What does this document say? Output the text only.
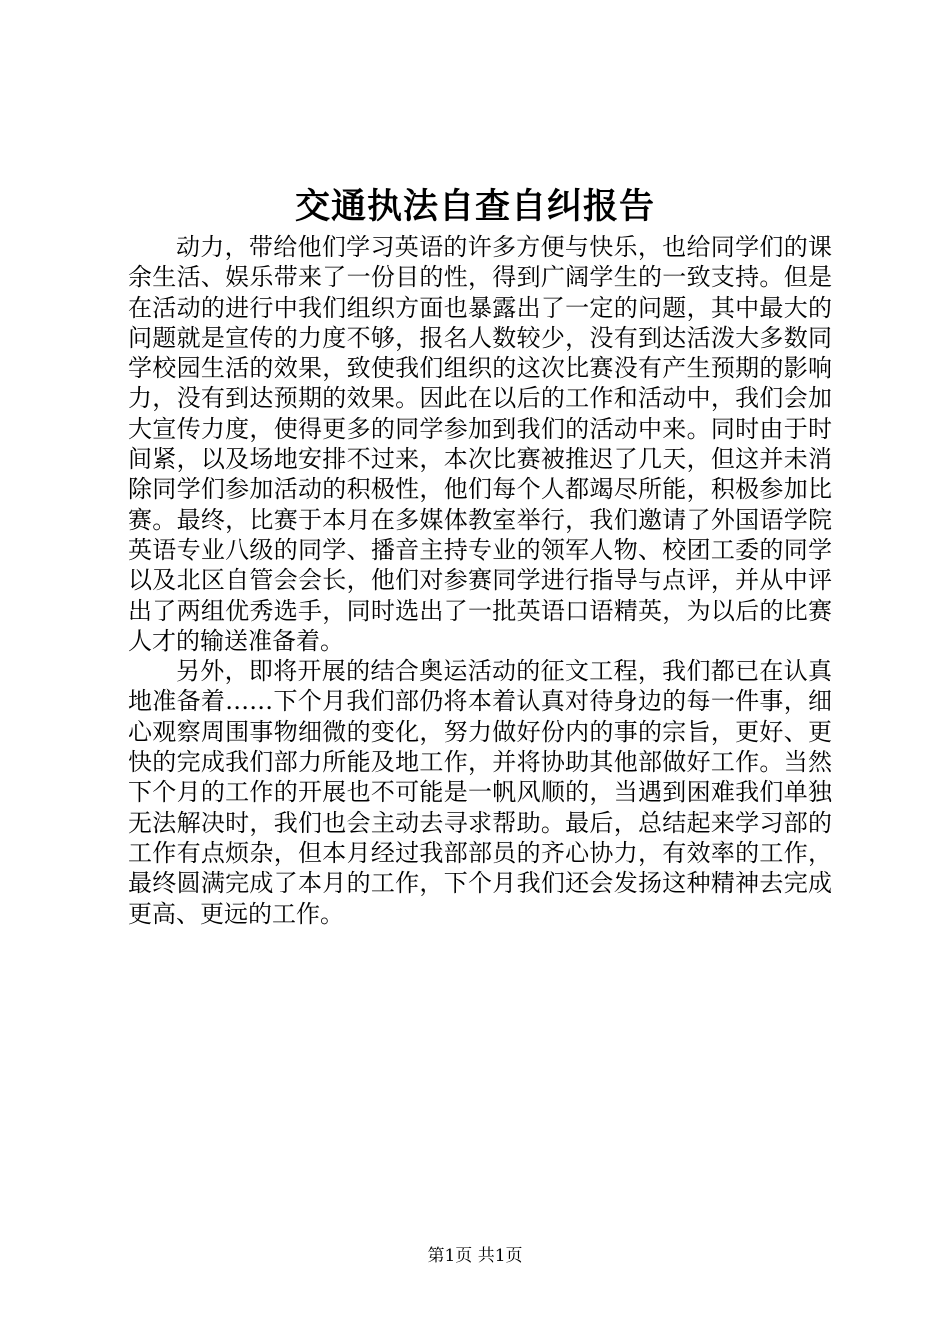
交通执法自查自纠报告

动力，带给他们学习英语的许多方便与快乐，也给同学们的课余生活、娱乐带来了一份目的性，得到广阔学生的一致支持。但是在活动的进行中我们组织方面也暴露出了一定的问题，其中最大的问题就是宣传的力度不够，报名人数较少，没有到达活泼大多数同学校园生活的效果，致使我们组织的这次比赛没有产生预期的影响力，没有到达预期的效果。因此在以后的工作和活动中，我们会加大宣传力度，使得更多的同学参加到我们的活动中来。同时由于时间紧，以及场地安排不过来，本次比赛被推迟了几天，但这并未消除同学们参加活动的积极性，他们每个人都竭尽所能，积极参加比赛。最终，比赛于本月在多媒体教室举行，我们邀请了外国语学院英语专业八级的同学、播音主持专业的领军人物、校团工委的同学以及北区自管会会长，他们对参赛同学进行指导与点评，并从中评出了两组优秀选手，同时选出了一批英语口语精英，为以后的比赛人才的输送准备着。

另外，即将开展的结合奥运活动的征文工程，我们都已在认真地准备着……下个月我们部仍将本着认真对待身边的每一件事，细心观察周围事物细微的变化，努力做好份内的事的宗旨，更好、更快的完成我们部力所能及地工作，并将协助其他部做好工作。当然下个月的工作的开展也不可能是一帆风顺的，当遇到困难我们单独无法解决时，我们也会主动去寻求帮助。最后，总结起来学习部的工作有点烦杂，但本月经过我部部员的齐心协力，有效率的工作，最终圆满完成了本月的工作，下个月我们还会发扬这种精神去完成更高、更远的工作。

第1页 共1页
